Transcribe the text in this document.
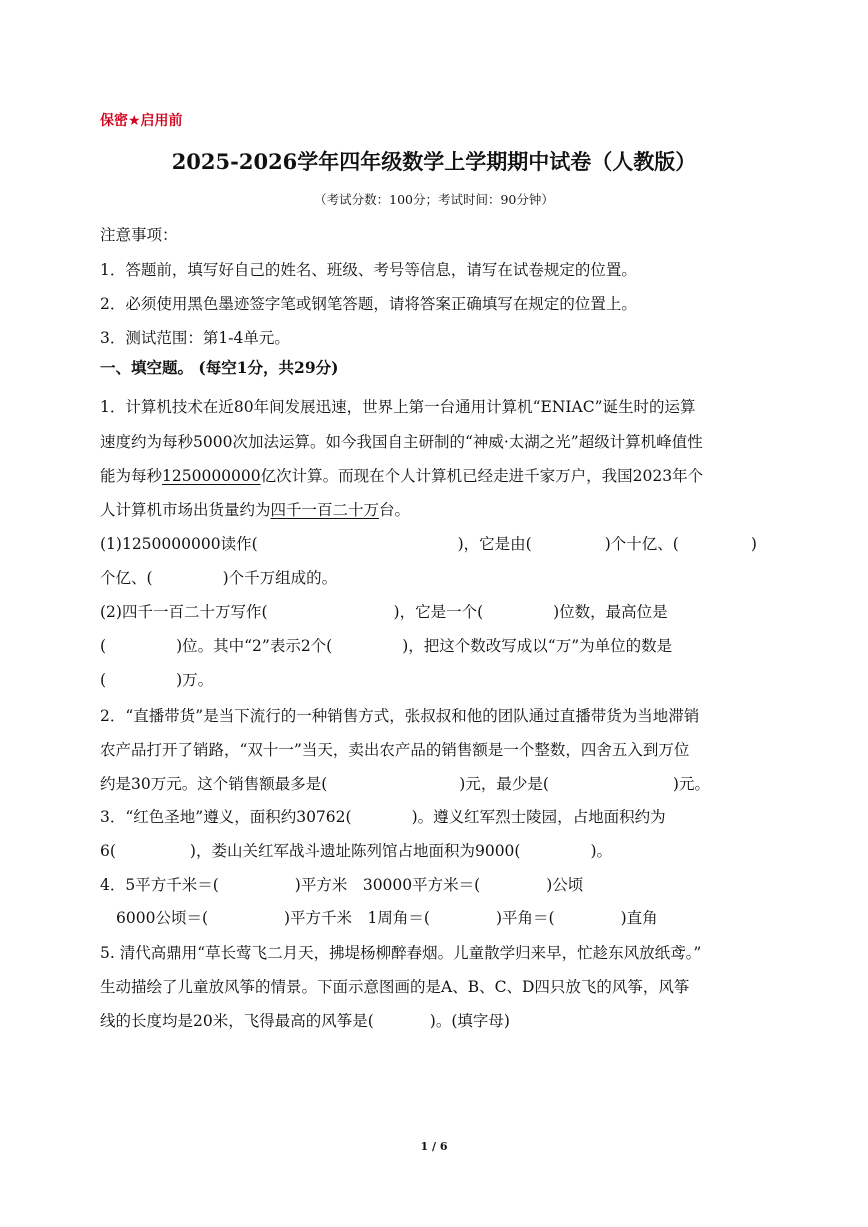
保密★启用前
2025-2026学年四年级数学上学期期中试卷（人教版）
（考试分数：100分；考试时间：90分钟）
注意事项：
1．答题前，填写好自己的姓名、班级、考号等信息，请写在试卷规定的位置。
2．必须使用黑色墨迹签字笔或钢笔答题，请将答案正确填写在规定的位置上。
3．测试范围：第1-4单元。
一、填空题。 (每空1分，共29分)
1．计算机技术在近80年间发展迅速，世界上第一台通用计算机“ENIAC”诞生时的运算
速度约为每秒5000次加法运算。如今我国自主研制的“神威·太湖之光”超级计算机峰值性
能为每秒1250000000亿次计算。而现在个人计算机已经走进千家万户，我国2023年个
人计算机市场出货量约为四千一百二十万台。
(1)1250000000读作(	)，它是由(	)个十亿、(	)
个亿、(	)个千万组成的。
(2)四千一百二十万写作(	)，它是一个(	)位数，最高位是
(	)位。其中“2”表示2个(	)，把这个数改写成以“万”为单位的数是
(	)万。
2．“直播带货”是当下流行的一种销售方式，张叔叔和他的团队通过直播带货为当地滞销
农产品打开了销路，“双十一”当天，卖出农产品的销售额是一个整数，四舍五入到万位
约是30万元。这个销售额最多是(	)元，最少是(	)元。
3．“红色圣地”遵义，面积约30762(	)。遵义红军烈士陵园，占地面积约为
6(	)，娄山关红军战斗遗址陈列馆占地面积为9000(	)。
4．5平方千米＝(	)平方米　30000平方米＝(	)公顷
6000公顷＝(	)平方千米　1周角＝(	)平角＝(	)直角
5. 清代高鼎用“草长莺飞二月天，拂堤杨柳醉春烟。儿童散学归来早，忙趁东风放纸鸢。”
生动描绘了儿童放风筝的情景。下面示意图画的是A、B、C、D四只放飞的风筝，风筝
线的长度均是20米，飞得最高的风筝是(	)。(填字母)
1 / 6
